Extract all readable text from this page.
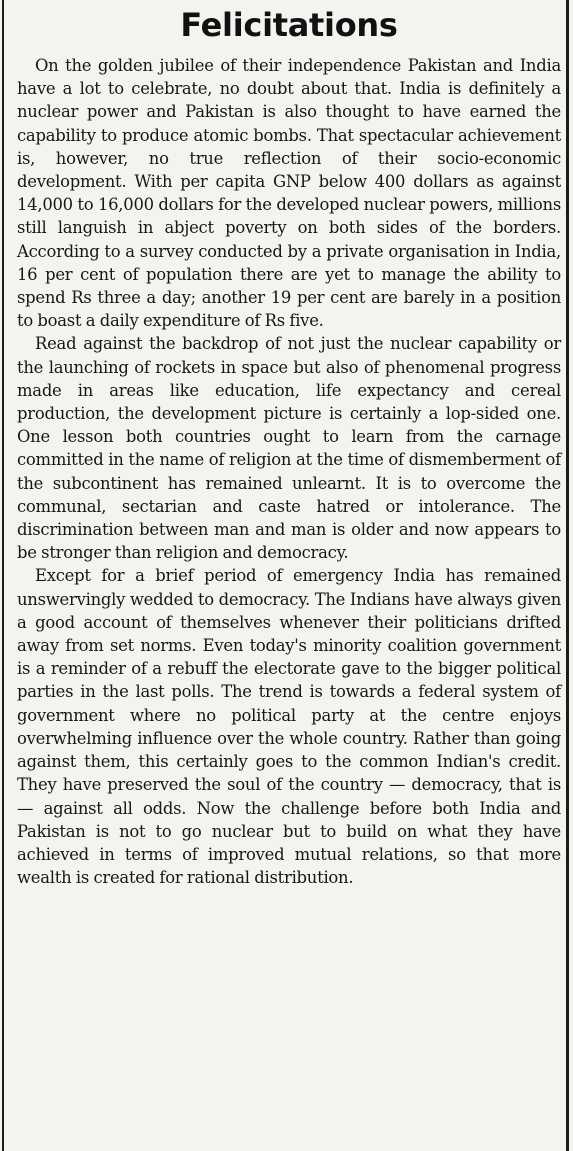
Felicitations

On the golden jubilee of their independence Pakistan and India have a lot to celebrate, no doubt about that. India is definitely a nuclear power and Pakistan is also thought to have earned the capability to produce atomic bombs. That spectacular achievement is, however, no true reflection of their socio-economic development. With per capita GNP below 400 dollars as against 14,000 to 16,000 dollars for the developed nuclear powers, millions still languish in abject poverty on both sides of the borders. According to a survey conducted by a private organisation in India, 16 per cent of population there are yet to manage the ability to spend Rs three a day; another 19 per cent are barely in a position to boast a daily expenditure of Rs five.

Read against the backdrop of not just the nuclear capability or the launching of rockets in space but also of phenomenal progress made in areas like education, life expectancy and cereal production, the development picture is certainly a lop-sided one. One lesson both countries ought to learn from the carnage committed in the name of religion at the time of dismemberment of the subcontinent has remained unlearnt. It is to overcome the communal, sectarian and caste hatred or intolerance. The discrimination between man and man is older and now appears to be stronger than religion and democracy.

Except for a brief period of emergency India has remained unswervingly wedded to democracy. The Indians have always given a good account of themselves whenever their politicians drifted away from set norms. Even today's minority coalition government is a reminder of a rebuff the electorate gave to the bigger political parties in the last polls. The trend is towards a federal system of government where no political party at the centre enjoys overwhelming influence over the whole country. Rather than going against them, this certainly goes to the common Indian's credit. They have preserved the soul of the country — democracy, that is — against all odds. Now the challenge before both India and Pakistan is not to go nuclear but to build on what they have achieved in terms of improved mutual relations, so that more wealth is created for rational distribution.
